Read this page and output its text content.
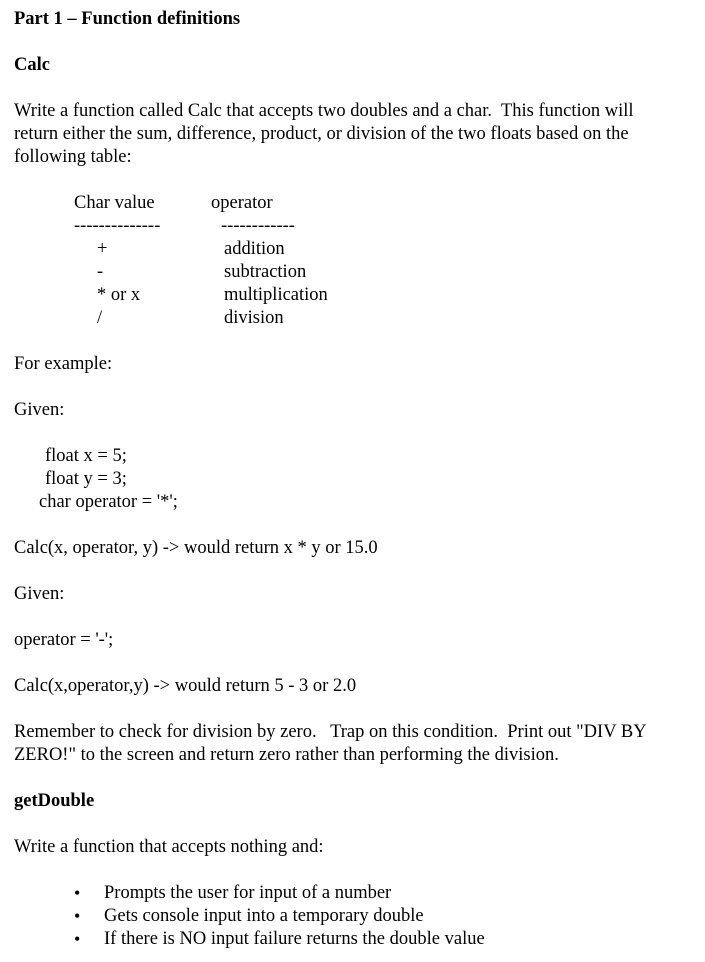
Part 1 – Function definitions
Calc
Write a function called Calc that accepts two doubles and a char.  This function will
return either the sum, difference, product, or division of the two floats based on the
following table:
Char value	operator
--------------	------------
+	addition
-	subtraction
* or x	multiplication
/	division
For example:
Given:
float x = 5;
float y = 3;
char operator = '*';
Calc(x, operator, y) -> would return x * y or 15.0
Given:
operator = '-';
Calc(x,operator,y) -> would return 5 - 3 or 2.0
Remember to check for division by zero.   Trap on this condition.  Print out "DIV BY
ZERO!" to the screen and return zero rather than performing the division.
getDouble
Write a function that accepts nothing and:
• Prompts the user for input of a number
• Gets console input into a temporary double
• If there is NO input failure returns the double value
